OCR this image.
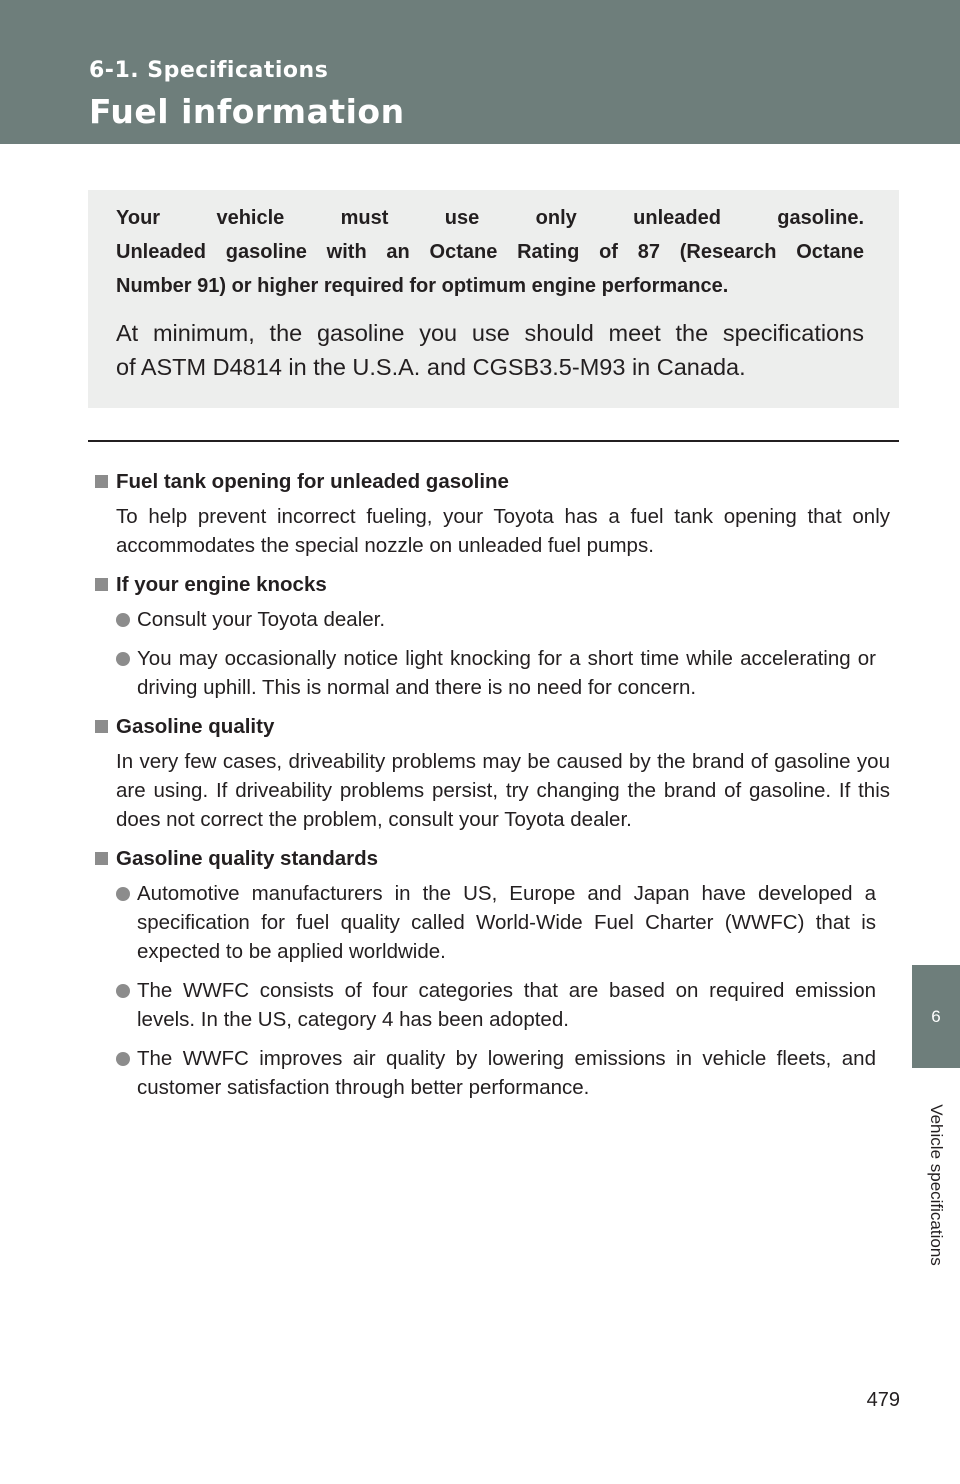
6-1. Specifications
Fuel information
Your vehicle must use only unleaded gasoline.
Unleaded gasoline with an Octane Rating of 87 (Research Octane
Number 91) or higher required for optimum engine performance.
At minimum, the gasoline you use should meet the specifications
of ASTM D4814 in the U.S.A. and CGSB3.5-M93 in Canada.
Fuel tank opening for unleaded gasoline
To help prevent incorrect fueling, your Toyota has a fuel tank opening that only accommodates the special nozzle on unleaded fuel pumps.
If your engine knocks
Consult your Toyota dealer.
You may occasionally notice light knocking for a short time while accelerating or driving uphill. This is normal and there is no need for concern.
Gasoline quality
In very few cases, driveability problems may be caused by the brand of gasoline you are using. If driveability problems persist, try changing the brand of gasoline. If this does not correct the problem, consult your Toyota dealer.
Gasoline quality standards
Automotive manufacturers in the US, Europe and Japan have developed a specification for fuel quality called World-Wide Fuel Charter (WWFC) that is expected to be applied worldwide.
The WWFC consists of four categories that are based on required emission levels. In the US, category 4 has been adopted.
The WWFC improves air quality by lowering emissions in vehicle fleets, and customer satisfaction through better performance.
6
Vehicle specifications
479
